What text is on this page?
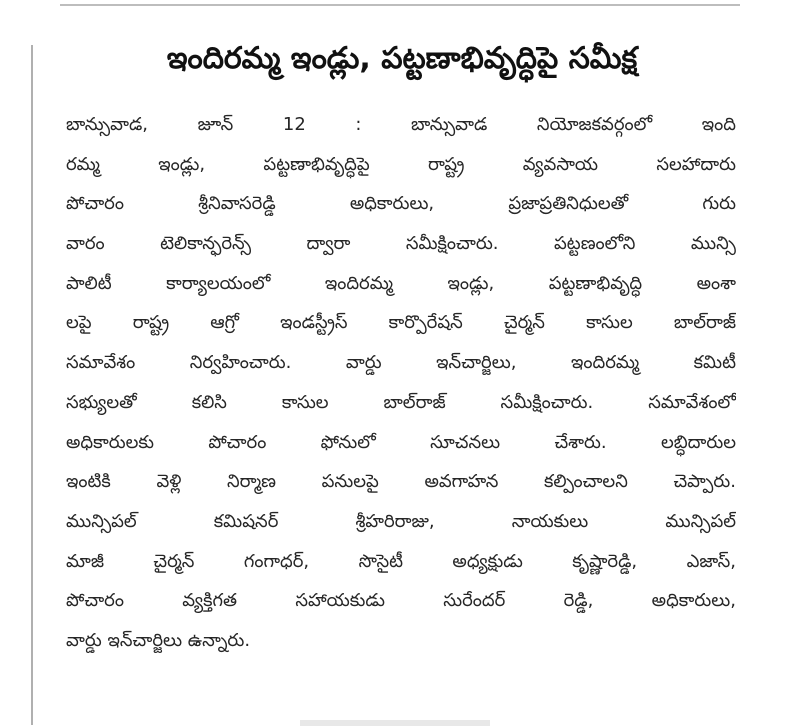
ఇందిరమ్మ ఇండ్లు, పట్టణాభివృద్ధిపై సమీక్ష
బాన్సువాడ, జూన్ 12 : బాన్సువాడ నియోజకవర్గంలో ఇంది
రమ్మ ఇండ్లు, పట్టణాభివృద్ధిపై రాష్ట్ర వ్యవసాయ సలహాదారు
పోచారం శ్రీనివాసరెడ్డి అధికారులు, ప్రజాప్రతినిధులతో గురు
వారం టెలికాన్ఫరెన్స్ ద్వారా సమీక్షించారు. పట్టణంలోని మున్సి
పాలిటీ కార్యాలయంలో ఇందిరమ్మ ఇండ్లు, పట్టణాభివృద్ధి అంశా
లపై రాష్ట్ర ఆగ్రో ఇండస్ట్రీస్ కార్పొరేషన్ చైర్మన్ కాసుల బాల్‌రాజ్
సమావేశం నిర్వహించారు. వార్డు ఇన్‌చార్జిలు, ఇందిరమ్మ కమిటీ
సభ్యులతో కలిసి కాసుల బాల్‌రాజ్ సమీక్షించారు. సమావేశంలో
అధికారులకు పోచారం ఫోనులో సూచనలు చేశారు. లబ్ధిదారుల
ఇంటికి వెళ్లి నిర్మాణ పనులపై అవగాహన కల్పించాలని చెప్పారు.
మున్సిపల్ కమిషనర్ శ్రీహరిరాజు, నాయకులు మున్సిపల్
మాజీ చైర్మన్ గంగాధర్, సొసైటీ అధ్యక్షుడు కృష్ణారెడ్డి, ఎజాస్,
పోచారం వ్యక్తిగత సహాయకుడు సురేందర్ రెడ్డి, అధికారులు,
వార్డు ఇన్‌చార్జిలు ఉన్నారు.
